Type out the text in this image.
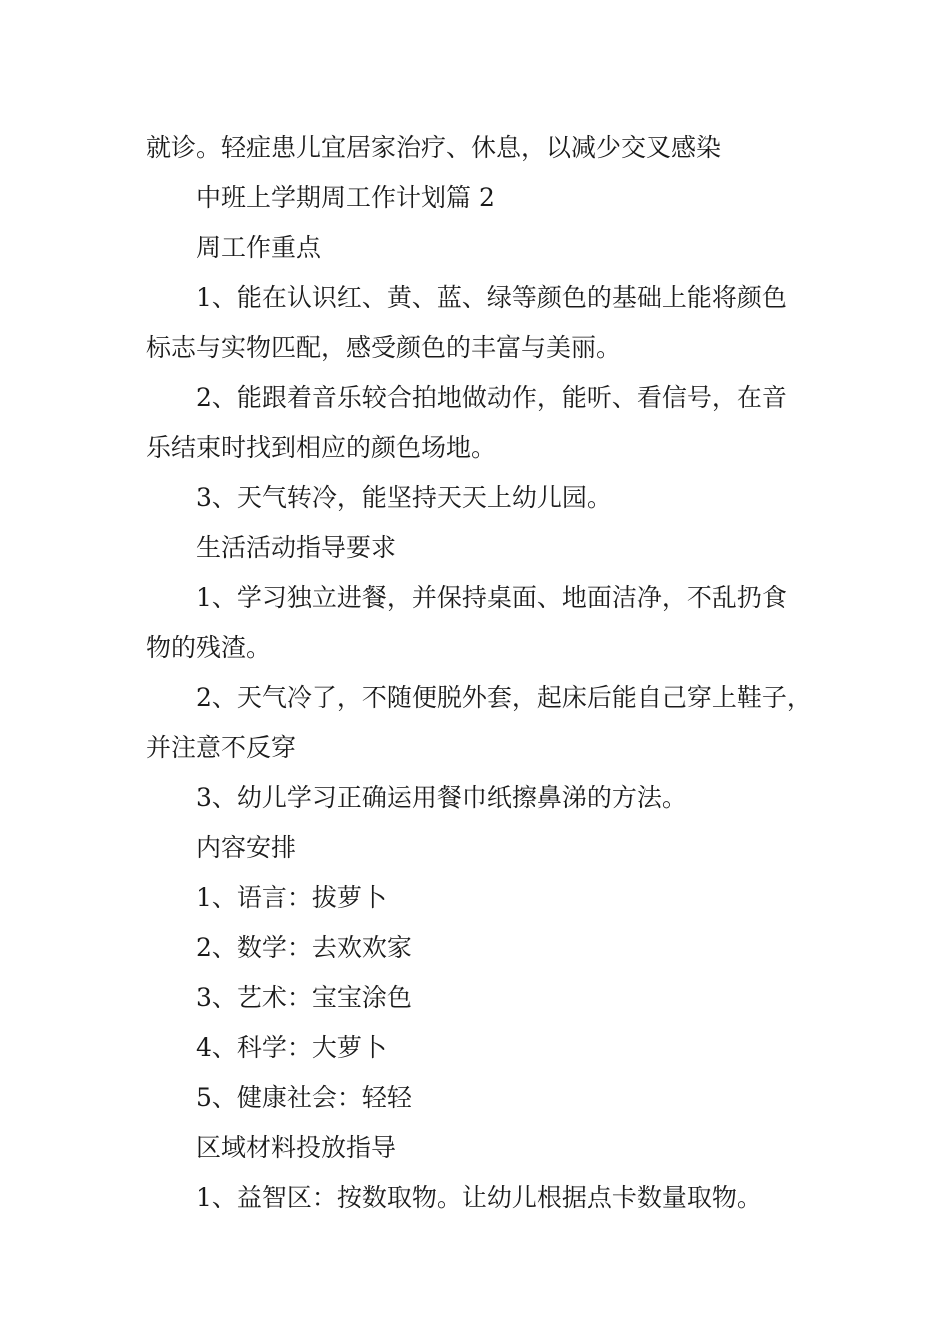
就诊。轻症患儿宜居家治疗、休息，以减少交叉感染

中班上学期周工作计划篇 2

周工作重点

1、能在认识红、黄、蓝、绿等颜色的基础上能将颜色

标志与实物匹配，感受颜色的丰富与美丽。

2、能跟着音乐较合拍地做动作，能听、看信号，在音

乐结束时找到相应的颜色场地。

3、天气转冷，能坚持天天上幼儿园。

生活活动指导要求

1、学习独立进餐，并保持桌面、地面洁净，不乱扔食

物的残渣。

2、天气冷了，不随便脱外套，起床后能自己穿上鞋子，

并注意不反穿

3、幼儿学习正确运用餐巾纸擦鼻涕的方法。

内容安排

1、语言：拔萝卜

2、数学：去欢欢家

3、艺术：宝宝涂色

4、科学：大萝卜

5、健康社会：轻轻

区域材料投放指导

1、益智区：按数取物。让幼儿根据点卡数量取物。
